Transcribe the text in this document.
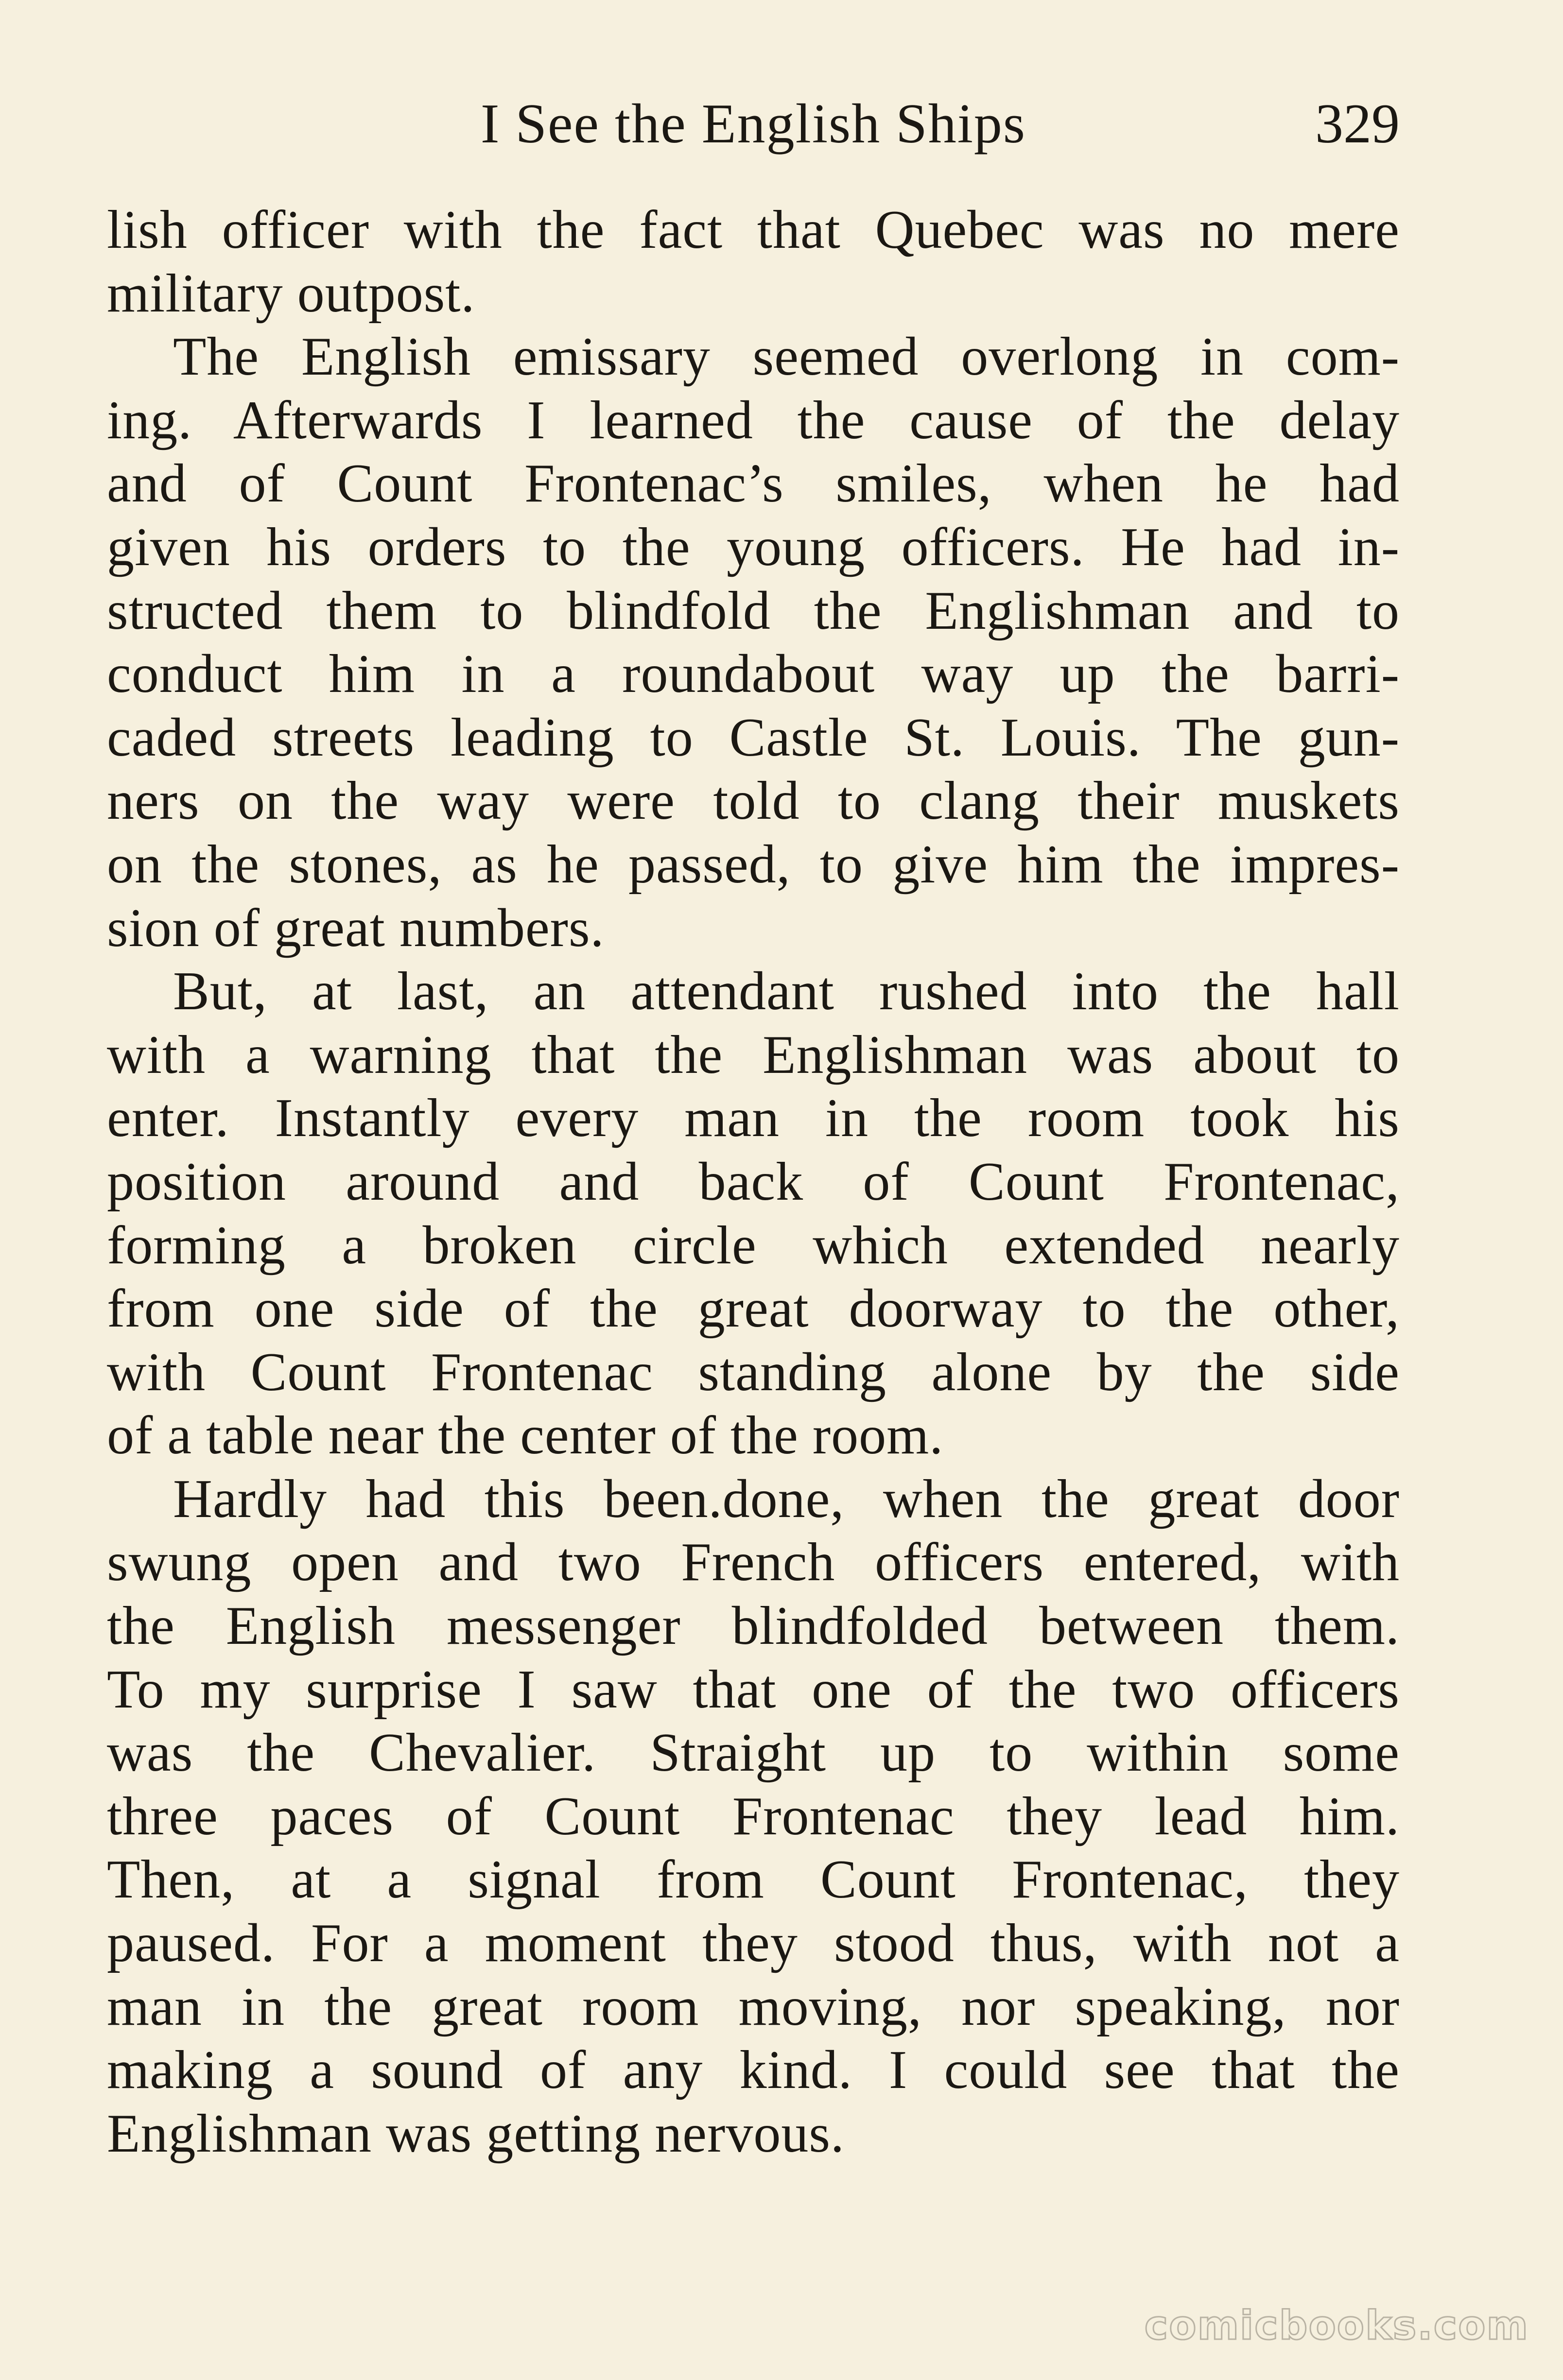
I See the English Ships	329
lish officer with the fact that Quebec was no mere
military outpost.
The English emissary seemed overlong in com-
ing. Afterwards I learned the cause of the delay
and of Count Frontenac’s smiles, when he had
given his orders to the young officers. He had in-
structed them to blindfold the Englishman and to
conduct him in a roundabout way up the barri-
caded streets leading to Castle St. Louis. The gun-
ners on the way were told to clang their muskets
on the stones, as he passed, to give him the impres-
sion of great numbers.
But, at last, an attendant rushed into the hall
with a warning that the Englishman was about to
enter. Instantly every man in the room took his
position around and back of Count Frontenac,
forming a broken circle which extended nearly
from one side of the great doorway to the other,
with Count Frontenac standing alone by the side
of a table near the center of the room.
Hardly had this been.done, when the great door
swung open and two French officers entered, with
the English messenger blindfolded between them.
To my surprise I saw that one of the two officers
was the Chevalier. Straight up to within some
three paces of Count Frontenac they lead him.
Then, at a signal from Count Frontenac, they
paused. For a moment they stood thus, with not a
man in the great room moving, nor speaking, nor
making a sound of any kind. I could see that the
Englishman was getting nervous.
comicbooks.com
